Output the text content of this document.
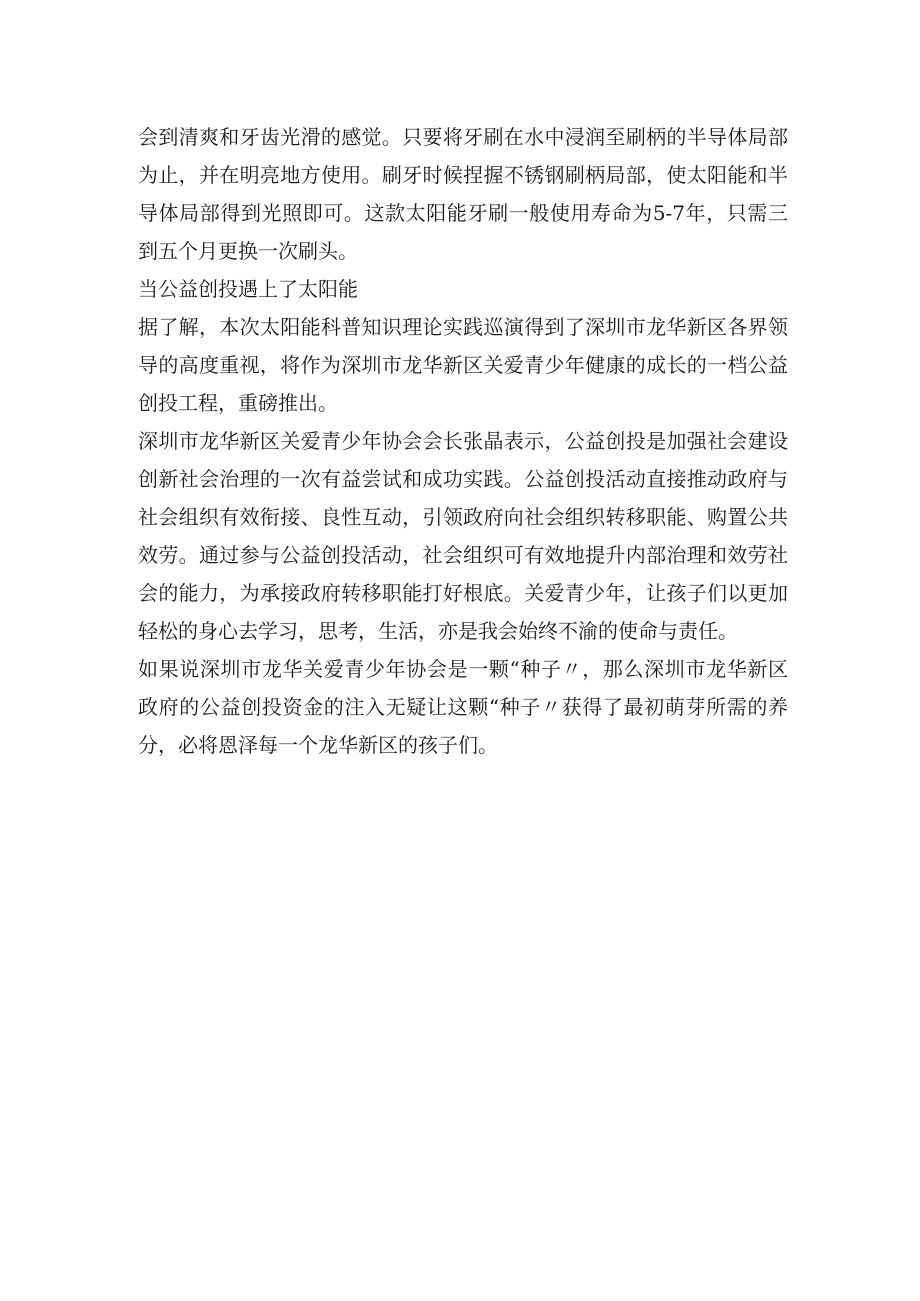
会到清爽和牙齿光滑的感觉。只要将牙刷在水中浸润至刷柄的半导体局部为止，并在明亮地方使用。刷牙时候捏握不锈钢刷柄局部，使太阳能和半导体局部得到光照即可。这款太阳能牙刷一般使用寿命为5-7年，只需三到五个月更换一次刷头。

当公益创投遇上了太阳能

据了解，本次太阳能科普知识理论实践巡演得到了深圳市龙华新区各界领导的高度重视，将作为深圳市龙华新区关爱青少年健康的成长的一档公益创投工程，重磅推出。

深圳市龙华新区关爱青少年协会会长张晶表示，公益创投是加强社会建设创新社会治理的一次有益尝试和成功实践。公益创投活动直接推动政府与社会组织有效衔接、良性互动，引领政府向社会组织转移职能、购置公共效劳。通过参与公益创投活动，社会组织可有效地提升内部治理和效劳社会的能力，为承接政府转移职能打好根底。关爱青少年，让孩子们以更加轻松的身心去学习，思考，生活，亦是我会始终不渝的使命与责任。

如果说深圳市龙华关爱青少年协会是一颗“种子〃，那么深圳市龙华新区政府的公益创投资金的注入无疑让这颗“种子〃获得了最初萌芽所需的养分，必将恩泽每一个龙华新区的孩子们。
